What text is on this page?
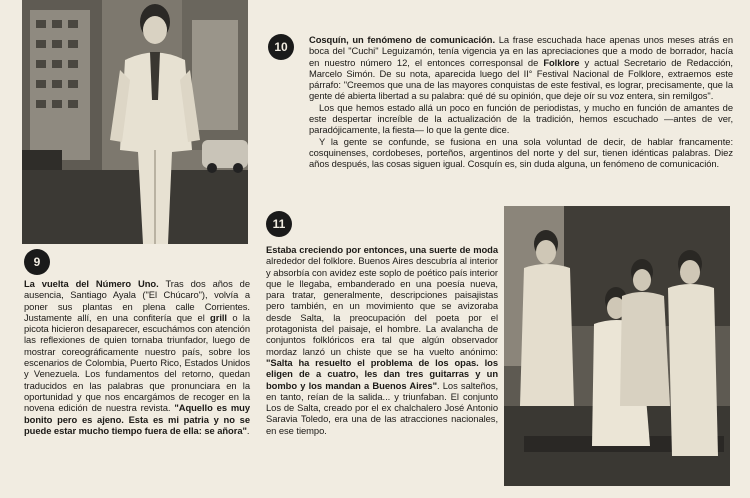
10

Cosquín, un fenómeno de comunicación. La frase escuchada hace apenas unos meses atrás en boca del "Cuchi" Leguizamón, tenía vigencia ya en las apreciaciones que a modo de borrador, hacía en nuestro número 12, el entonces corresponsal de Folklore y actual Secretario de Redacción, Marcelo Simón. De su nota, aparecida luego del II° Festival Nacional de Folklore, extraemos este párrafo: "Creemos que una de las mayores conquistas de este festival, es lograr, precisamente, que la gente dé abierta libertad a su palabra: qué dé su opinión, que deje oír su voz entera, sin remilgos".

Los que hemos estado allá un poco en función de periodistas, y mucho en función de amantes de este despertar increíble de la actualización de la tradición, hemos escuchado —antes de ver, paradójicamente, la fiesta— lo que la gente dice.

Y la gente se confunde, se fusiona en una sola voluntad de decir, de hablar francamente: cosquinenses, cordobeses, porteños, argentinos del norte y del sur, tienen idénticas palabras. Diez años después, las cosas siguen igual. Cosquín es, sin duda alguna, un fenómeno de comunicación.

9

La vuelta del Número Uno. Tras dos años de ausencia, Santiago Ayala ("El Chúcaro"), volvía a poner sus plantas en plena calle Corrientes. Justamente allí, en una confitería que el grill o la picota hicieron desaparecer, escuchámos con atención las reflexiones de quien tornaba triunfador, luego de mostrar coreográficamente nuestro país, sobre los escenarios de Colombia, Puerto Rico, Estados Unidos y Venezuela. Los fundamentos del retorno, quedan traducidos en las palabras que pronunciara en la oportunidad y que nos encargámos de recoger en la novena edición de nuestra revista. "Aquello es muy bonito pero es ajeno. Esta es mi patria y no se puede estar mucho tiempo fuera de ella: se añora".

11

Estaba creciendo por entonces, una suerte de moda alrededor del folklore. Buenos Aires descubría al interior y absorbía con avidez este soplo de poético país interior que le llegaba, embanderado en una poesía nueva, para tratar, generalmente, descripciones paisajistas pero también, en un movimiento que se avizoraba desde Salta, la preocupación del poeta por el protagonista del paisaje, el hombre. La avalancha de conjuntos folklóricos era tal que algún observador mordaz lanzó un chiste que se ha vuelto anónimo: "Salta ha resuelto el problema de los opas. los eligen de a cuatro, les dan tres guitarras y un bombo y los mandan a Buenos Aires". Los salteños, en tanto, reían de la salida... y triunfaban. El conjunto Los de Salta, creado por el ex chalchalero José Antonio Saravia Toledo, era una de las atracciones nacionales, en ese tiempo.
